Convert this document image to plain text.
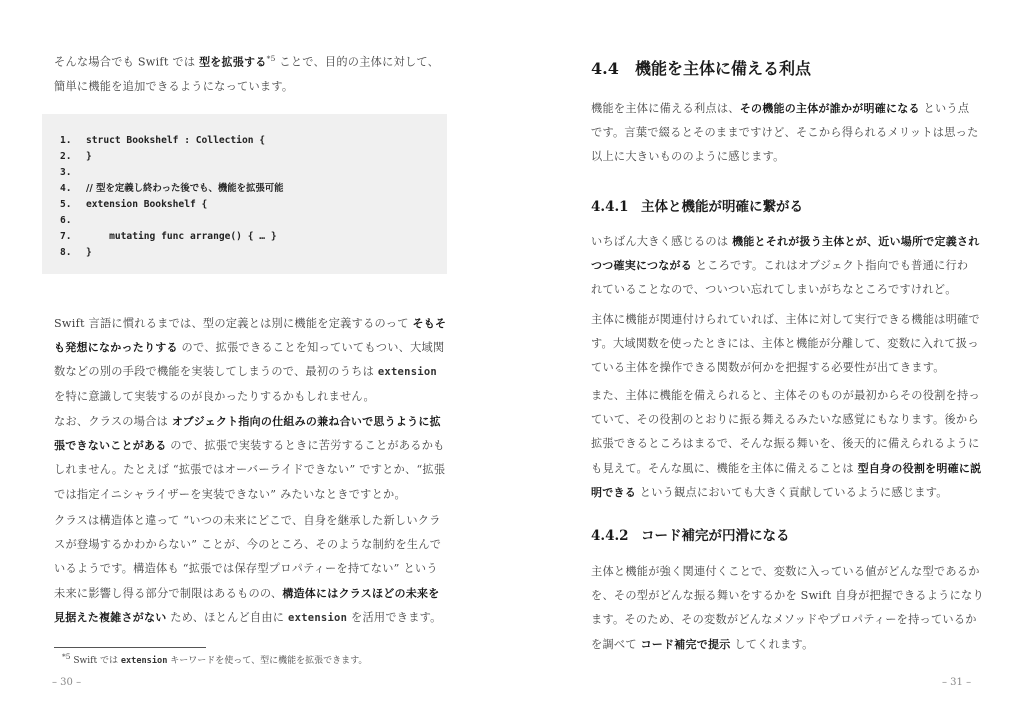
そんな場合でも Swift では 型を拡張する$^{*5}$ ことで、目的の主体に対して、
簡単に機能を追加できるようになっています。
1. struct Bookshelf : Collection {
2. }
3.
4. // 型を定義し終わった後でも、機能を拡張可能
5. extension Bookshelf {
6.
7.    mutating func arrange() { … }
8. }
Swift 言語に慣れるまでは、型の定義とは別に機能を定義するのって そもそ
も発想になかったりする ので、拡張できることを知っていてもつい、大域関
数などの別の手段で機能を実装してしまうので、最初のうちは extension
を特に意識して実装するのが良かったりするかもしれません。
なお、クラスの場合は オブジェクト指向の仕組みの兼ね合いで思うように拡
張できないことがある ので、拡張で実装するときに苦労することがあるかも
しれません。たとえば “拡張ではオーバーライドできない” ですとか、“拡張
では指定イニシャライザーを実装できない” みたいなときですとか。
クラスは構造体と違って “いつの未来にどこで、自身を継承した新しいクラ
スが登場するかわからない” ことが、今のところ、そのような制約を生んで
いるようです。構造体も “拡張では保存型プロパティーを持てない” という
未来に影響し得る部分で制限はあるものの、構造体にはクラスほどの未来を
見据えた複雑さがない ため、ほとんど自由に extension を活用できます。
$^{*5}$ Swift では extension キーワードを使って、型に機能を拡張できます。
– 30 –
4.4 機能を主体に備える利点
機能を主体に備える利点は、その機能の主体が誰かが明確になる という点
です。言葉で綴るとそのままですけど、そこから得られるメリットは思った
以上に大きいもののように感じます。
4.4.1 主体と機能が明確に繋がる
いちばん大きく感じるのは 機能とそれが扱う主体とが、近い場所で定義され
つつ確実につながる ところです。これはオブジェクト指向でも普通に行わ
れていることなので、ついつい忘れてしまいがちなところですけれど。
主体に機能が関連付けられていれば、主体に対して実行できる機能は明確で
す。大域関数を使ったときには、主体と機能が分離して、変数に入れて扱っ
ている主体を操作できる関数が何かを把握する必要性が出てきます。
また、主体に機能を備えられると、主体そのものが最初からその役割を持っ
ていて、その役割のとおりに振る舞えるみたいな感覚にもなります。後から
拡張できるところはまるで、そんな振る舞いを、後天的に備えられるように
も見えて。そんな風に、機能を主体に備えることは 型自身の役割を明確に説
明できる という観点においても大きく貢献しているように感じます。
4.4.2 コード補完が円滑になる
主体と機能が強く関連付くことで、変数に入っている値がどんな型であるか
を、その型がどんな振る舞いをするかを Swift 自身が把握できるようになり
ます。そのため、その変数がどんなメソッドやプロパティーを持っているか
を調べて コード補完で提示 してくれます。
– 31 –
